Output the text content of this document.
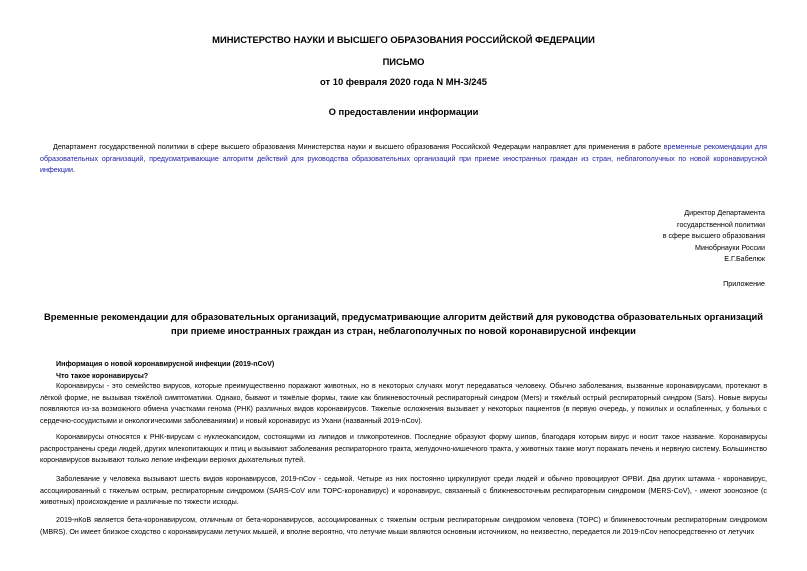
МИНИСТЕРСТВО НАУКИ И ВЫСШЕГО ОБРАЗОВАНИЯ РОССИЙСКОЙ ФЕДЕРАЦИИ
ПИСЬМО
от 10 февраля 2020 года N МН-3/245
О предоставлении информации
Департамент государственной политики в сфере высшего образования Министерства науки и высшего образования Российской Федерации направляет для применения в работе временные рекомендации для образовательных организаций, предусматривающие алгоритм действий для руководства образовательных организаций при приеме иностранных граждан из стран, неблагополучных по новой коронавирусной инфекции.
Директор Департамента
государственной политики
в сфере высшего образования
Минобрнауки России
Е.Г.Бабелюк
Приложение
Временные рекомендации для образовательных организаций, предусматривающие алгоритм действий для руководства образовательных организаций при приеме иностранных граждан из стран, неблагополучных по новой коронавирусной инфекции
Информация о новой коронавирусной инфекции (2019-nCoV)
Что такое коронавирусы?
Коронавирусы - это семейство вирусов, которые преимущественно поражают животных, но в некоторых случаях могут передаваться человеку. Обычно заболевания, вызванные коронавирусами, протекают в лёгкой форме, не вызывая тяжёлой симптоматики. Однако, бывают и тяжёлые формы, такие как ближневосточный респираторный синдром (Mers) и тяжёлый острый респираторный синдром (Sars). Новые вирусы появляются из-за возможного обмена участками генома (РНК) различных видов коронавирусов. Тяжелые осложнения вызывает у некоторых пациентов (в первую очередь, у пожилых и ослабленных, у больных с сердечно-сосудистыми и онкологическими заболеваниями) и новый коронавирус из Ухани (названный 2019-nCov).
Коронавирусы относятся к РНК-вирусам с нуклеокапсидом, состоящими из липидов и гликопротеинов. Последние образуют форму шипов, благодаря которым вирус и носит такое название. Коронавирусы распространены среди людей, других млекопитающих и птиц и вызывают заболевания респираторного тракта, желудочно-кишечного тракта, у животных также могут поражать печень и нервную систему. Большинство коронавирусов вызывают только легкие инфекции верхних дыхательных путей.
Заболевание у человека вызывают шесть видов коронавирусов, 2019-nCov - седьмой. Четыре из них постоянно циркулируют среди людей и обычно провоцируют ОРВИ. Два других штамма - коронавирус, ассоциированный с тяжелым острым, респираторным синдромом (SARS-CoV или ТОРС-коронавирус) и коронавирус, связанный с ближневосточным респираторным синдромом (MERS-CoV), - имеют зоонозное (с животных) происхождение и различные по тяжести исходы.
2019-нКоВ является бета-коронавирусом, отличным от бета-коронавирусов, ассоциированных с тяжелым острым респираторным синдромом человека (ТОРС) и ближневосточным респираторным синдромом (MBRS). Он имеет близкое сходство с коронавирусами летучих мышей, и вполне вероятно, что летучие мыши являются основным источником, но неизвестно, передается ли 2019-nCov непосредственно от летучих
